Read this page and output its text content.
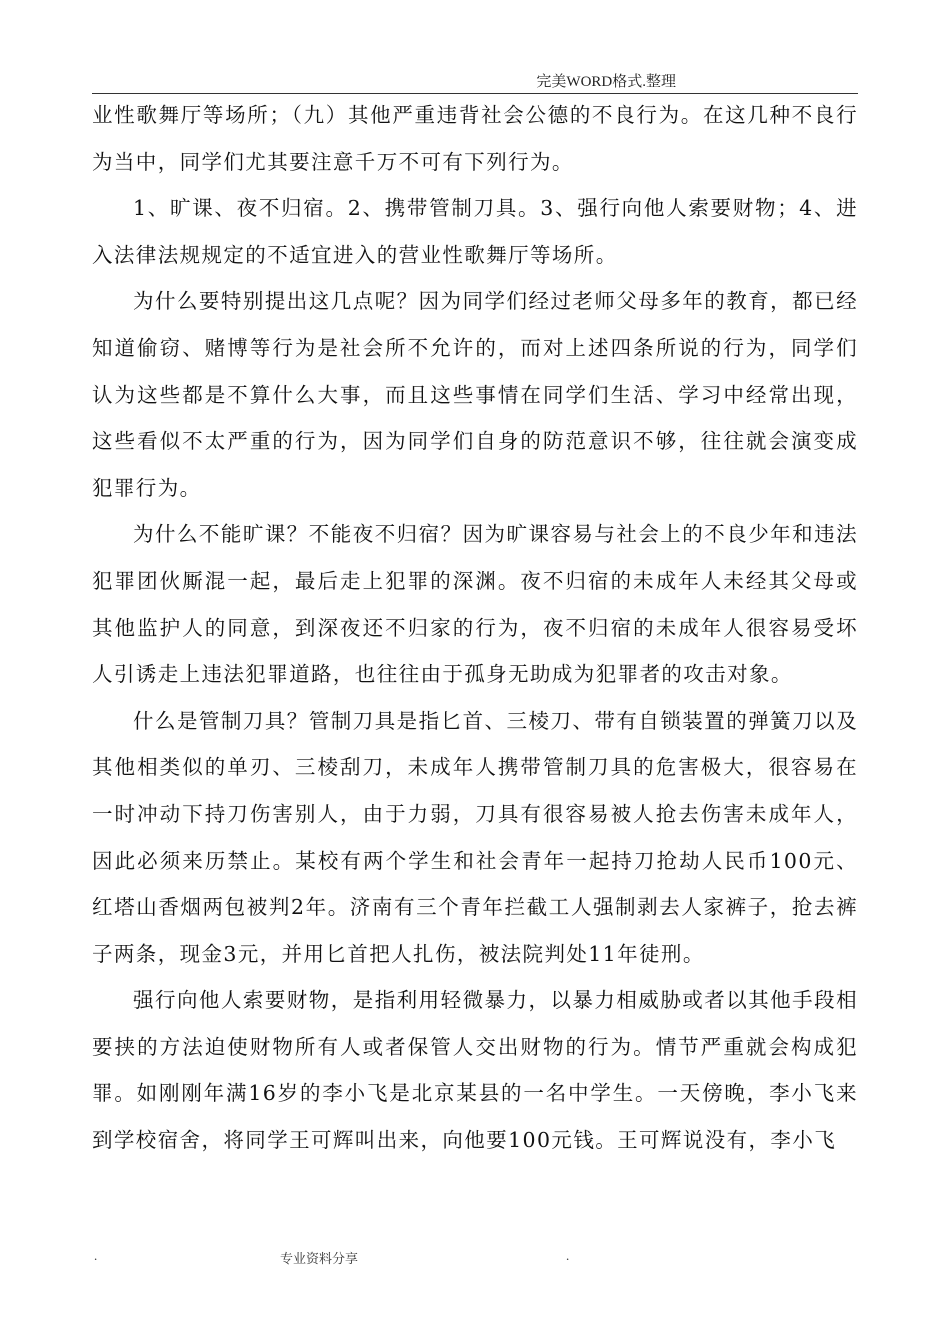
完美WORD格式.整理

业性歌舞厅等场所；（九）其他严重违背社会公德的不良行为。在这几种不良行为当中，同学们尤其要注意千万不可有下列行为。

1、旷课、夜不归宿。2、携带管制刀具。3、强行向他人索要财物；4、进入法律法规规定的不适宜进入的营业性歌舞厅等场所。

为什么要特别提出这几点呢？因为同学们经过老师父母多年的教育，都已经知道偷窃、赌博等行为是社会所不允许的，而对上述四条所说的行为，同学们认为这些都是不算什么大事，而且这些事情在同学们生活、学习中经常出现，这些看似不太严重的行为，因为同学们自身的防范意识不够，往往就会演变成犯罪行为。

为什么不能旷课？不能夜不归宿？因为旷课容易与社会上的不良少年和违法犯罪团伙厮混一起，最后走上犯罪的深渊。夜不归宿的未成年人未经其父母或其他监护人的同意，到深夜还不归家的行为，夜不归宿的未成年人很容易受坏人引诱走上违法犯罪道路，也往往由于孤身无助成为犯罪者的攻击对象。

什么是管制刀具？管制刀具是指匕首、三棱刀、带有自锁装置的弹簧刀以及其他相类似的单刃、三棱刮刀，未成年人携带管制刀具的危害极大，很容易在一时冲动下持刀伤害别人，由于力弱，刀具有很容易被人抢去伤害未成年人，因此必须来历禁止。某校有两个学生和社会青年一起持刀抢劫人民币100元、红塔山香烟两包被判2年。济南有三个青年拦截工人强制剥去人家裤子，抢去裤子两条，现金3元，并用匕首把人扎伤，被法院判处11年徒刑。

强行向他人索要财物，是指利用轻微暴力，以暴力相威胁或者以其他手段相要挟的方法迫使财物所有人或者保管人交出财物的行为。情节严重就会构成犯罪。如刚刚年满16岁的李小飞是北京某县的一名中学生。一天傍晚，李小飞来到学校宿舍，将同学王可辉叫出来，向他要100元钱。王可辉说没有，李小飞

.	专业资料分享	.
